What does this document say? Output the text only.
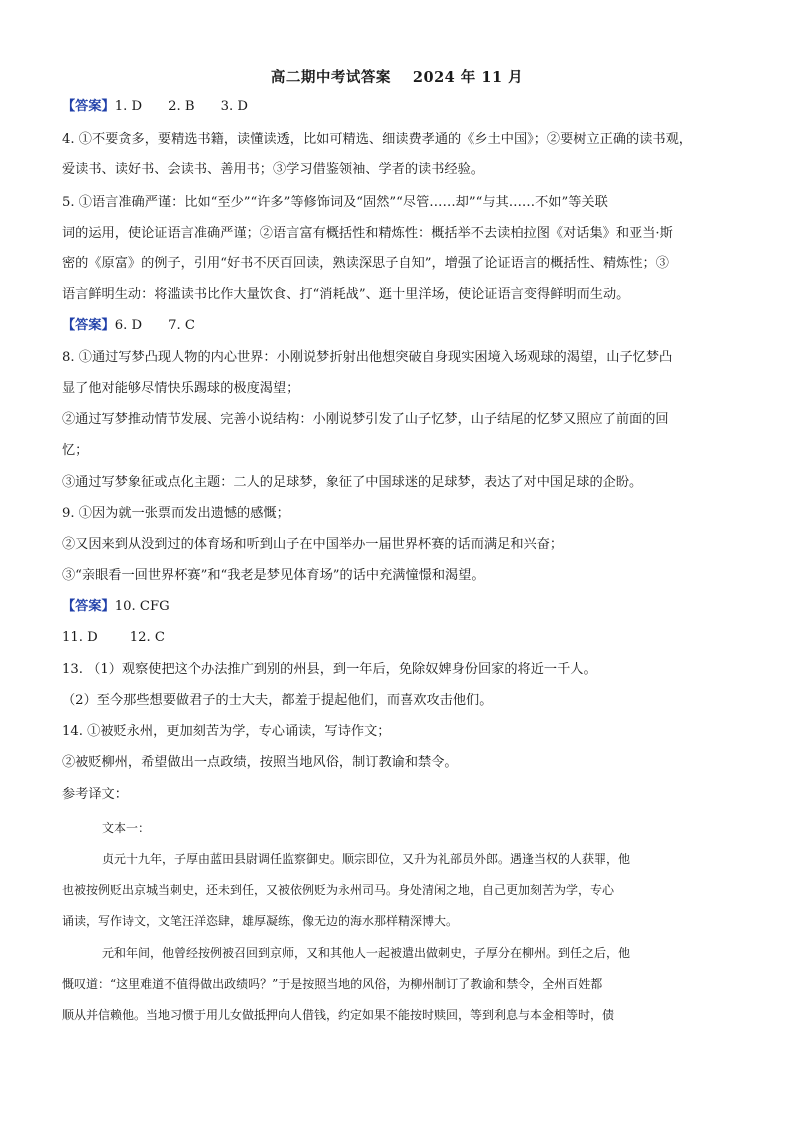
高二期中考试答案 2024 年 11 月
【答案】1. D 2. B 3. D
4. ①不要贪多，要精选书籍，读懂读透，比如可精选、细读费孝通的《乡土中国》；②要树立正确的读书观，
爱读书、读好书、会读书、善用书；③学习借鉴领袖、学者的读书经验。
5. ①语言准确严谨：比如“至少”“许多”等修饰词及“固然”“尽管……却”“与其……不如”等关联
词的运用，使论证语言准确严谨；②语言富有概括性和精炼性：概括举不去读柏拉图《对话集》和亚当·斯
密的《原富》的例子，引用“好书不厌百回读，熟读深思子自知”，增强了论证语言的概括性、精炼性；③
语言鲜明生动：将滥读书比作大量饮食、打“消耗战”、逛十里洋场，使论证语言变得鲜明而生动。
【答案】6. D 7. C
8. ①通过写梦凸现人物的内心世界：小刚说梦折射出他想突破自身现实困境入场观球的渴望，山子忆梦凸
显了他对能够尽情快乐踢球的极度渴望；
②通过写梦推动情节发展、完善小说结构：小刚说梦引发了山子忆梦，山子结尾的忆梦又照应了前面的回
忆；
③通过写梦象征或点化主题：二人的足球梦，象征了中国球迷的足球梦，表达了对中国足球的企盼。
9. ①因为就一张票而发出遗憾的感慨；
②又因来到从没到过的体育场和听到山子在中国举办一届世界杯赛的话而满足和兴奋；
③“亲眼看一回世界杯赛”和“我老是梦见体育场”的话中充满憧憬和渴望。
【答案】10. CFG
11. D 12. C
13. （1）观察使把这个办法推广到别的州县，到一年后，免除奴婢身份回家的将近一千人。
（2）至今那些想要做君子的士大夫，都羞于提起他们，而喜欢攻击他们。
14. ①被贬永州，更加刻苦为学，专心诵读，写诗作文；
②被贬柳州，希望做出一点政绩，按照当地风俗，制订教谕和禁令。
参考译文：
文本一：
贞元十九年，子厚由蓝田县尉调任监察御史。顺宗即位，又升为礼部员外郎。遇逢当权的人获罪，他
也被按例贬出京城当刺史，还未到任，又被依例贬为永州司马。身处清闲之地，自己更加刻苦为学，专心
诵读，写作诗文，文笔汪洋恣肆，雄厚凝练，像无边的海水那样精深博大。
元和年间，他曾经按例被召回到京师，又和其他人一起被遣出做刺史，子厚分在柳州。到任之后，他
慨叹道：“这里难道不值得做出政绩吗？”于是按照当地的风俗，为柳州制订了教谕和禁令，全州百姓都
顺从并信赖他。当地习惯于用儿女做抵押向人借钱，约定如果不能按时赎回，等到利息与本金相等时，债
